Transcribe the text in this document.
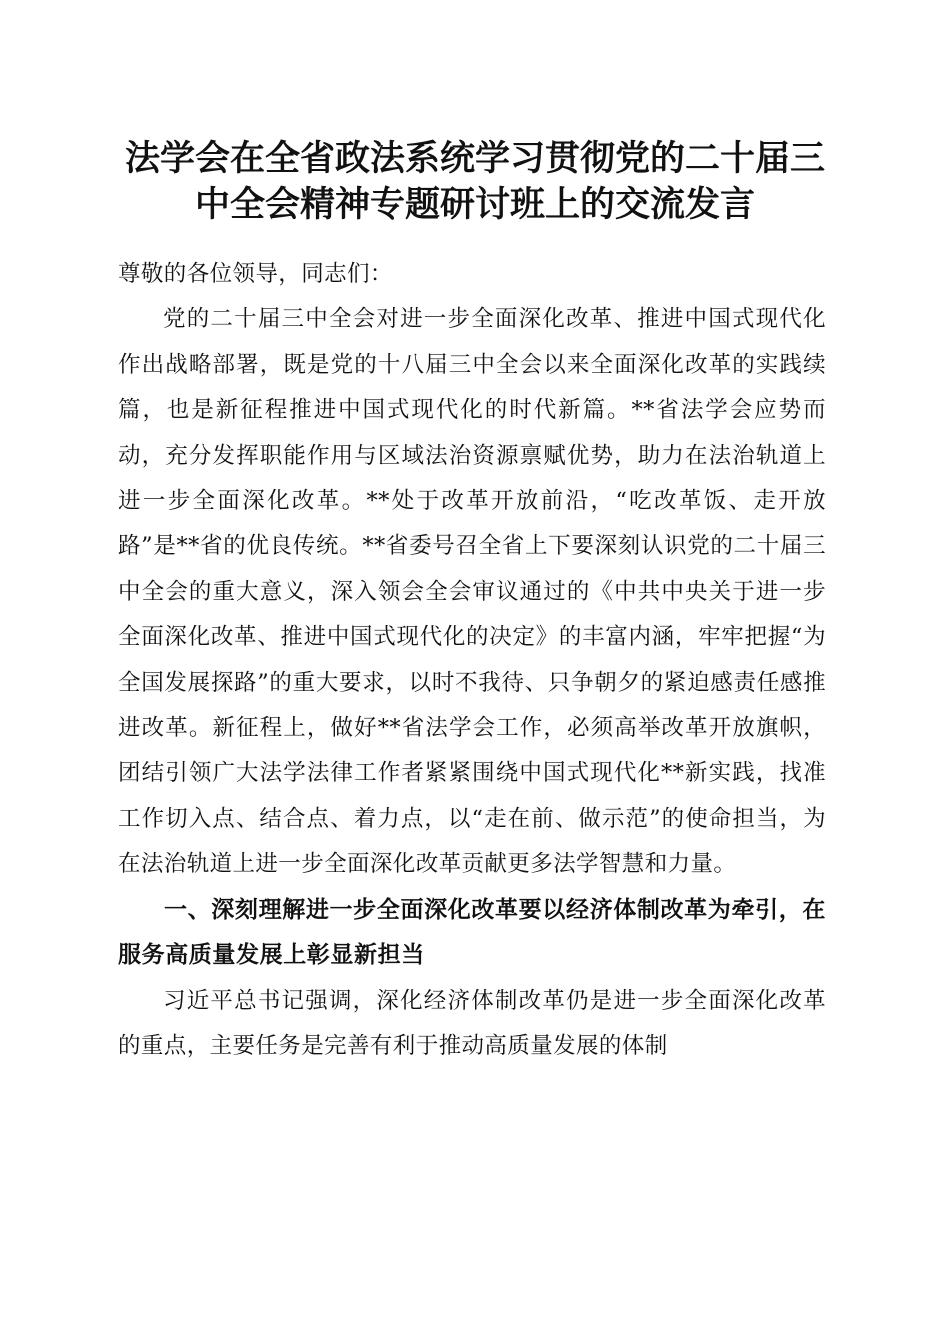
法学会在全省政法系统学习贯彻党的二十届三
中全会精神专题研讨班上的交流发言

尊敬的各位领导，同志们：

党的二十届三中全会对进一步全面深化改革、推进中国式现代化作出战略部署，既是党的十八届三中全会以来全面深化改革的实践续篇，也是新征程推进中国式现代化的时代新篇。**省法学会应势而动，充分发挥职能作用与区域法治资源禀赋优势，助力在法治轨道上进一步全面深化改革。**处于改革开放前沿，“吃改革饭、走开放路”是**省的优良传统。**省委号召全省上下要深刻认识党的二十届三中全会的重大意义，深入领会全会审议通过的《中共中央关于进一步全面深化改革、推进中国式现代化的决定》的丰富内涵，牢牢把握“为全国发展探路”的重大要求，以时不我待、只争朝夕的紧迫感责任感推进改革。新征程上，做好**省法学会工作，必须高举改革开放旗帜，团结引领广大法学法律工作者紧紧围绕中国式现代化**新实践，找准工作切入点、结合点、着力点，以“走在前、做示范”的使命担当，为在法治轨道上进一步全面深化改革贡献更多法学智慧和力量。

一、深刻理解进一步全面深化改革要以经济体制改革为牵引，在服务高质量发展上彰显新担当

习近平总书记强调，深化经济体制改革仍是进一步全面深化改革的重点，主要任务是完善有利于推动高质量发展的体制
